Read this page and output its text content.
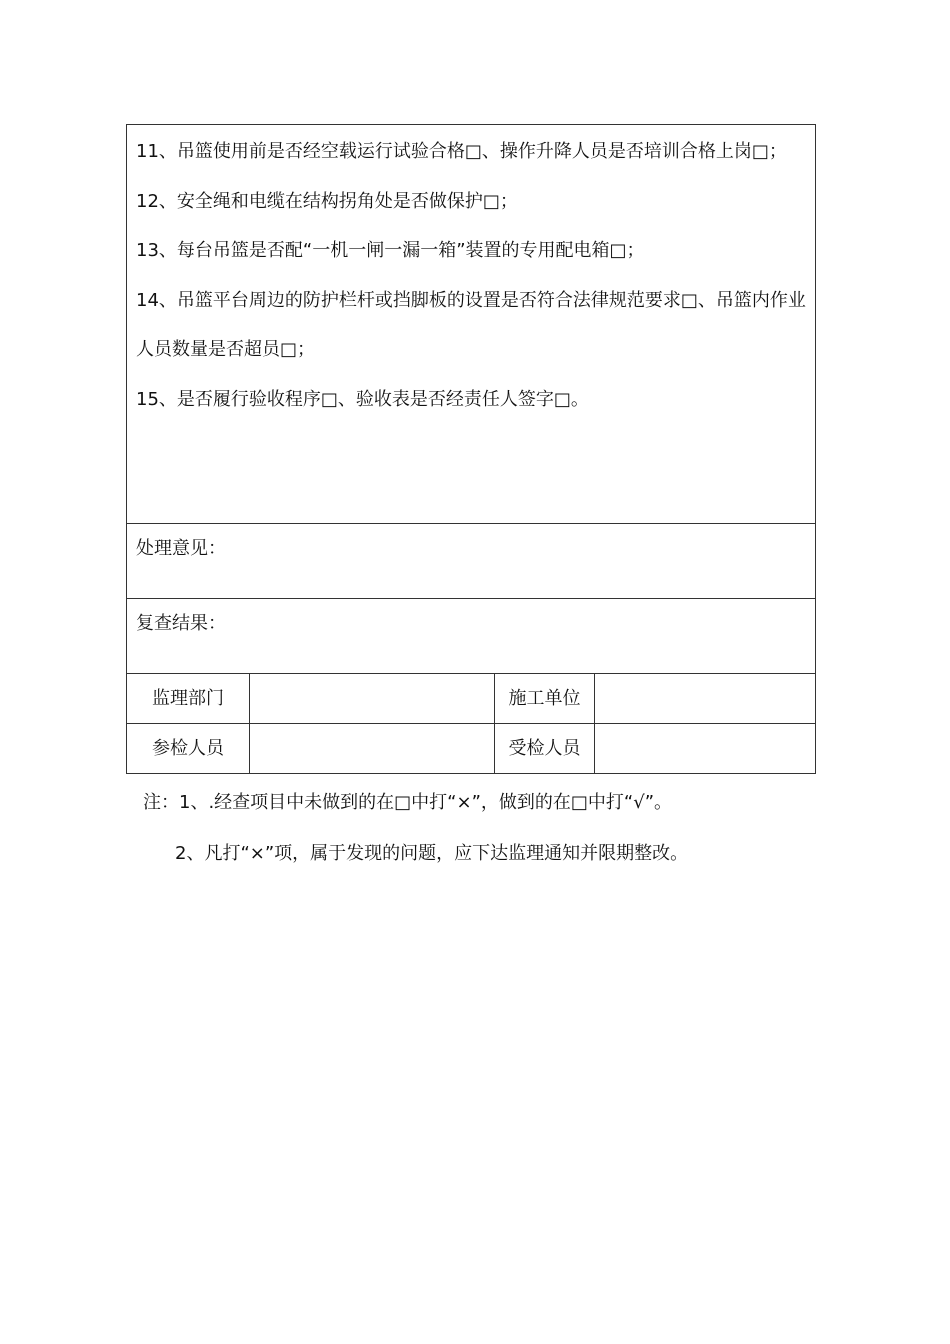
11、吊篮使用前是否经空载运行试验合格□、操作升降人员是否培训合格上岗□；
12、安全绳和电缆在结构拐角处是否做保护□；
13、每台吊篮是否配“一机一闸一漏一箱”装置的专用配电箱□；
14、吊篮平台周边的防护栏杆或挡脚板的设置是否符合法律规范要求□、吊篮内作业人员数量是否超员□；
15、是否履行验收程序□、验收表是否经责任人签字□。			

处理意见：			

复查结果：			

监理部门		施工单位	
参检人员		受检人员	
注：1、.经查项目中未做到的在□中打“×”，做到的在□中打“√”。
2、凡打“×”项，属于发现的问题，应下达监理通知并限期整改。
